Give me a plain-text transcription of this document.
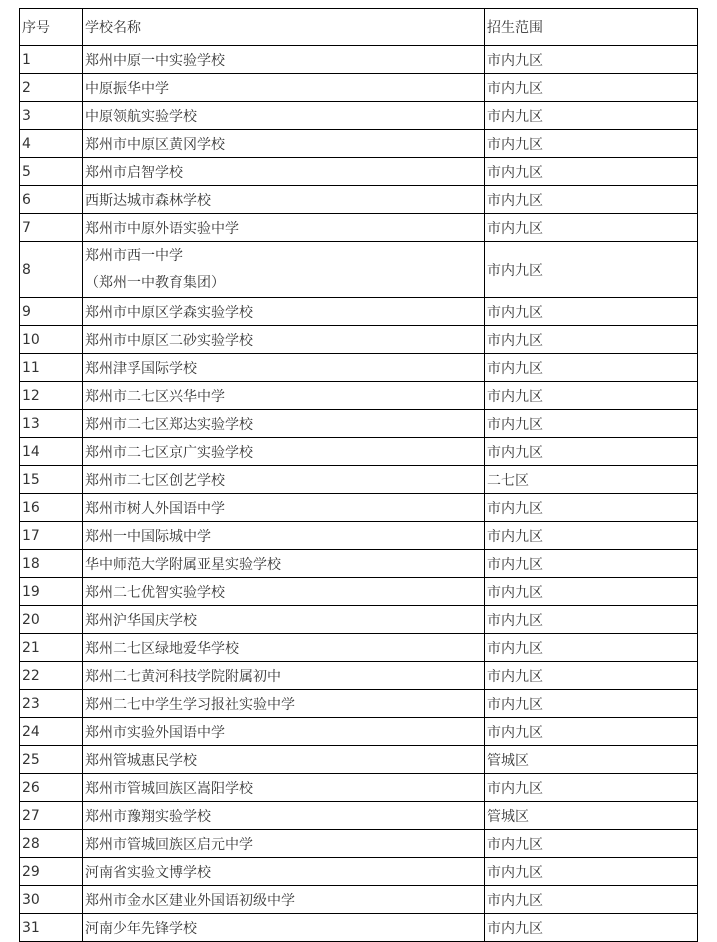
序号	学校名称	招生范围
1	郑州中原一中实验学校	市内九区
2	中原振华中学	市内九区
3	中原领航实验学校	市内九区
4	郑州市中原区黄冈学校	市内九区
5	郑州市启智学校	市内九区
6	西斯达城市森林学校	市内九区
7	郑州市中原外语实验中学	市内九区
8	郑州市西一中学
（郑州一中教育集团）	市内九区
9	郑州市中原区学森实验学校	市内九区
10	郑州市中原区二砂实验学校	市内九区
11	郑州津孚国际学校	市内九区
12	郑州市二七区兴华中学	市内九区
13	郑州市二七区郑达实验学校	市内九区
14	郑州市二七区京广实验学校	市内九区
15	郑州市二七区创艺学校	二七区
16	郑州市树人外国语中学	市内九区
17	郑州一中国际城中学	市内九区
18	华中师范大学附属亚星实验学校	市内九区
19	郑州二七优智实验学校	市内九区
20	郑州沪华国庆学校	市内九区
21	郑州二七区绿地爱华学校	市内九区
22	郑州二七黄河科技学院附属初中	市内九区
23	郑州二七中学生学习报社实验中学	市内九区
24	郑州市实验外国语中学	市内九区
25	郑州管城惠民学校	管城区
26	郑州市管城回族区嵩阳学校	市内九区
27	郑州市豫翔实验学校	管城区
28	郑州市管城回族区启元中学	市内九区
29	河南省实验文博学校	市内九区
30	郑州市金水区建业外国语初级中学	市内九区
31	河南少年先锋学校	市内九区
